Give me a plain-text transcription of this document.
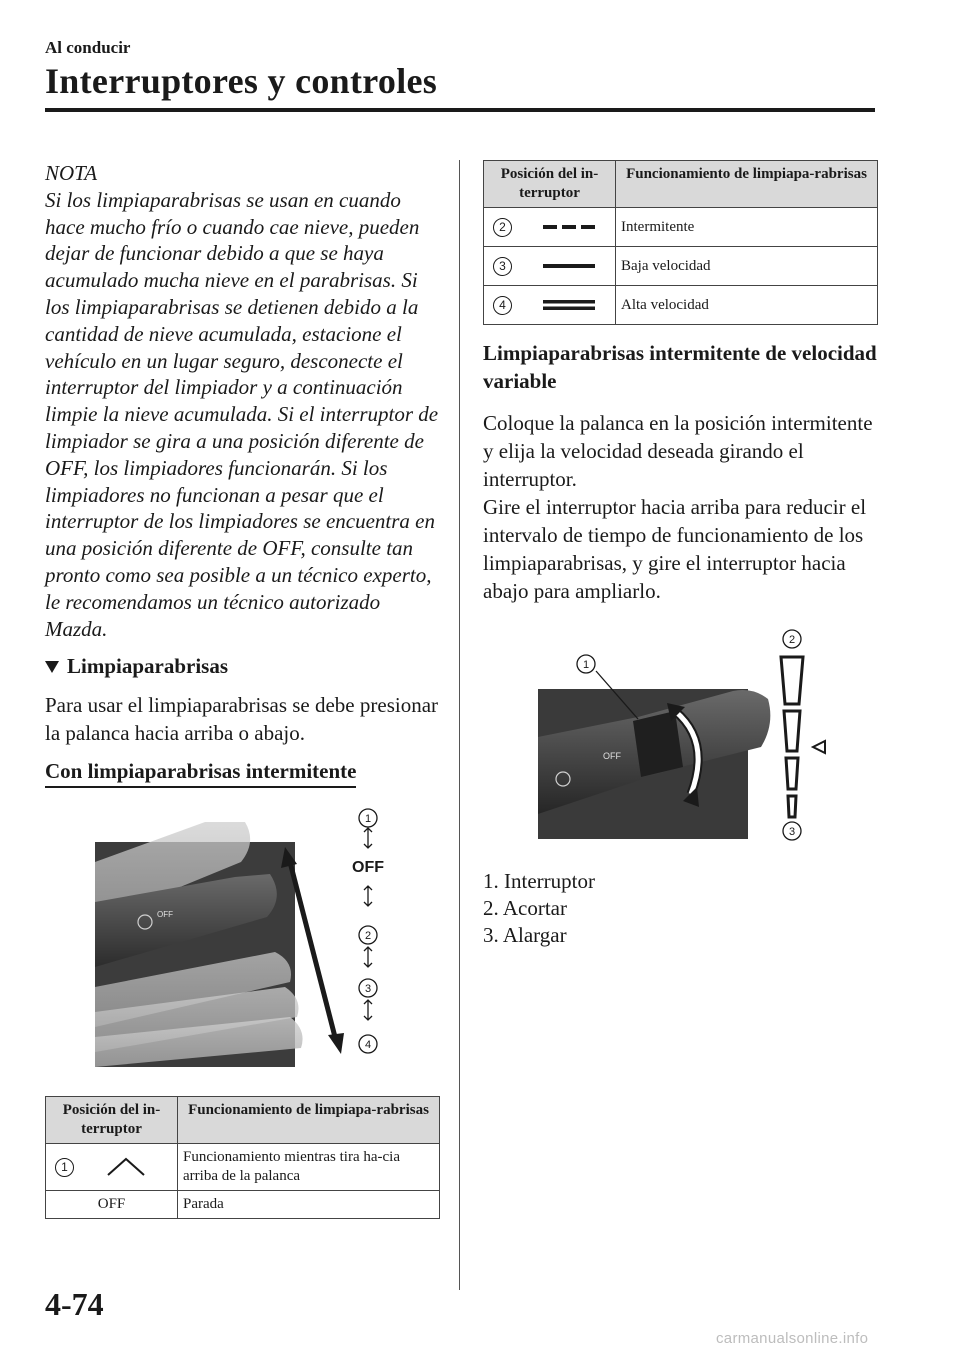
Al conducir
Interruptores y controles
NOTA
Si los limpiaparabrisas se usan en cuando hace mucho frío o cuando cae nieve, pueden dejar de funcionar debido a que se haya acumulado mucha nieve en el parabrisas. Si los limpiaparabrisas se detienen debido a la cantidad de nieve acumulada, estacione el vehículo en un lugar seguro, desconecte el interruptor del limpiador y a continuación limpie la nieve acumulada. Si el interruptor de limpiador se gira a una posición diferente de OFF, los limpiadores funcionarán. Si los limpiadores no funcionan a pesar que el interruptor de los limpiadores se encuentra en una posición diferente de OFF, consulte tan pronto como sea posible a un técnico experto, le recomendamos un técnico autorizado Mazda.
Limpiaparabrisas
Para usar el limpiaparabrisas se debe presionar la palanca hacia arriba o abajo.
Con limpiaparabrisas intermitente
OFF
1
OFF
2
3
4
Posición del in-terruptor	Funcionamiento de limpiapa-rabrisas

1	Funcionamiento mientras tira ha-cia arriba de la palanca
OFF	Parada
Posición del in-terruptor	Funcionamiento de limpiapa-rabrisas

2	Intermitente

3	Baja velocidad

4	Alta velocidad
Limpiaparabrisas intermitente de velocidad variable
Coloque la palanca en la posición intermitente y elija la velocidad deseada girando el interruptor.
Gire el interruptor hacia arriba para reducir el intervalo de tiempo de funcionamiento de los limpiaparabrisas, y gire el interruptor hacia abajo para ampliarlo.
OFF
1
2
3
1. Interruptor
2. Acortar
3. Alargar
4-74
carmanualsonline.info
